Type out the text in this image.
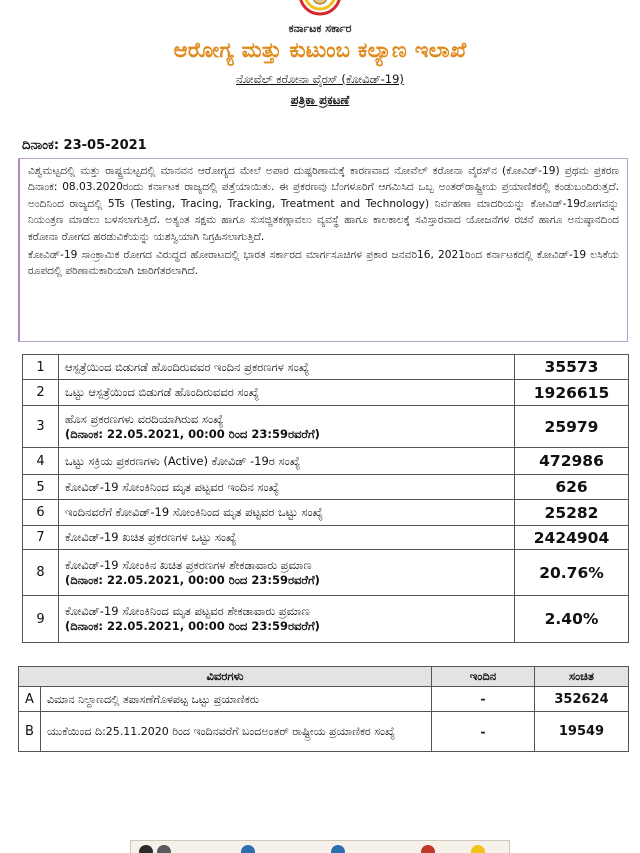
ಕರ್ನಾಟಕ ಸರ್ಕಾರ
ಆರೋಗ್ಯ ಮತ್ತು ಕುಟುಂಬ ಕಲ್ಯಾಣ ಇಲಾಖೆ
ನೋವೆಲ್ ಕರೋನಾ ವೈರಸ್ (ಕೋವಿಡ್-19)
ಪತ್ರಿಕಾ ಪ್ರಕಟಣೆ
ದಿನಾಂಕ: 23-05-2021

ವಿಶ್ವಮಟ್ಟದಲ್ಲಿ ಮತ್ತು ರಾಷ್ಟ್ರಮಟ್ಟದಲ್ಲಿ ಮಾನವನ ಆರೋಗ್ಯದ ಮೇಲೆ ಅಪಾರ ದುಷ್ಪರಿಣಾಮಕ್ಕೆ ಕಾರಣವಾದ ನೋವೆಲ್ ಕರೋನಾ ವೈರಸ್‌ನ (ಕೋವಿಡ್-19) ಪ್ರಥಮ ಪ್ರಕರಣ ದಿನಾಂಕ: 08.03.2020ರಂದು ಕರ್ನಾಟಕ ರಾಜ್ಯದಲ್ಲಿ ಪತ್ತೆಯಾಯಿತು. ಈ ಪ್ರಕರಣವು ಬೆಂಗಳೂರಿಗೆ ಆಗಮಿಸಿದ ಒಬ್ಬ ಅಂತರ್‌ರಾಷ್ಟ್ರೀಯ ಪ್ರಯಾಣಿಕರಲ್ಲಿ ಕಂಡುಬಂದಿರುತ್ತದೆ. ಅಂದಿನಿಂದ ರಾಜ್ಯದಲ್ಲಿ 5Ts (Testing, Tracing, Tracking, Treatment and Technology) ನಿರ್ವಹಣಾ ಮಾದರಿಯನ್ನು ಕೋವಿಡ್-19ರೋಗವನ್ನು ನಿಯಂತ್ರಣ ಮಾಡಲು ಬಳಸಲಾಗುತ್ತಿದೆ. ಅತ್ಯಂತ ಸಕ್ಷಮ ಹಾಗೂ ಸುಸಜ್ಜಿತಕಣ್ಗಾವಲು ವ್ಯವಸ್ಥೆ ಹಾಗೂ ಕಾಲಕಾಲಕ್ಕೆ ಸವಿಸ್ತಾರವಾದ ಯೋಜನೆಗಳ ರಚನೆ ಹಾಗೂ ಅನುಷ್ಠಾನದಿಂದ ಕರೋನಾ ರೋಗದ ಹರಡುವಿಕೆಯನ್ನು ಯಶಸ್ವಿಯಾಗಿ ನಿಗ್ರಹಿಸಲಾಗುತ್ತಿದೆ.

ಕೋವಿಡ್-19 ಸಾಂಕ್ರಾಮಿಕ ರೋಗದ ವಿರುದ್ಧದ ಹೋರಾಟದಲ್ಲಿ ಭಾರತ ಸರ್ಕಾರದ ಮಾರ್ಗಸೂಚಿಗಳ ಪ್ರಕಾರ ಜನವರಿ16, 2021ರಿಂದ ಕರ್ನಾಟಕದಲ್ಲಿ ಕೋವಿಡ್-19 ಲಸಿಕೆಯ ರೂಪದಲ್ಲಿ ಪರಿಣಾಮಕಾರಿಯಾಗಿ ಜಾರಿಗೆತರಲಾಗಿದೆ.

1	ಆಸ್ಪತ್ರೆಯಿಂದ ಬಿಡುಗಡೆ ಹೊಂದಿರುವವರ ಇಂದಿನ ಪ್ರಕರಣಗಳ ಸಂಖ್ಯೆ	35573
2	ಒಟ್ಟು ಆಸ್ಪತ್ರೆಯಿಂದ ಬಿಡುಗಡೆ ಹೊಂದಿರುವವರ ಸಂಖ್ಯೆ	1926615
3	ಹೊಸ ಪ್ರಕರಣಗಳು ವರದಿಯಾಗಿರುವ ಸಂಖ್ಯೆ
(ದಿನಾಂಕ: 22.05.2021, 00:00 ರಿಂದ 23:59ರವರೆಗೆ)	25979
4	ಒಟ್ಟು ಸಕ್ರಿಯ ಪ್ರಕರಣಗಳು (Active) ಕೋವಿಡ್ -19ರ ಸಂಖ್ಯೆ	472986
5	ಕೋವಿಡ್-19 ಸೋಂಕಿನಿಂದ ಮೃತ ಪಟ್ಟವರ ಇಂದಿನ ಸಂಖ್ಯೆ	626
6	ಇಂದಿನವರೆಗೆ ಕೋವಿಡ್-19 ಸೋಂಕಿನಿಂದ ಮೃತ ಪಟ್ಟವರ ಒಟ್ಟು ಸಂಖ್ಯೆ	25282
7	ಕೋವಿಡ್-19 ಖಚಿತ ಪ್ರಕರಣಗಳ ಒಟ್ಟು ಸಂಖ್ಯೆ	2424904
8	ಕೋವಿಡ್-19 ಸೋಂಕಿನ ಖಚಿತ ಪ್ರಕರಣಗಳ ಶೇಕಡಾವಾರು ಪ್ರಮಾಣ
(ದಿನಾಂಕ: 22.05.2021, 00:00 ರಿಂದ 23:59ರವರೆಗೆ)	20.76%
9	ಕೋವಿಡ್-19 ಸೋಂಕಿನಿಂದ ಮೃತ ಪಟ್ಟವರ ಶೇಕಡಾವಾರು ಪ್ರಮಾಣ
(ದಿನಾಂಕ: 22.05.2021, 00:00 ರಿಂದ 23:59ರವರೆಗೆ)	2.40%
ವಿವರಗಳು		ಇಂದಿನ	ಸಂಚಿತ
A	ವಿಮಾನ ನಿಲ್ದಾಣದಲ್ಲಿ ತಪಾಸಣೆಗೊಳಪಟ್ಟ ಒಟ್ಟು ಪ್ರಯಾಣಿಕರು	-	352624
B	ಯುಕೆಯಿಂದ ದಿ:25.11.2020 ರಿಂದ ಇಂದಿನವರೆಗೆ ಬಂದಅಂತರ್ ರಾಷ್ಟ್ರೀಯ ಪ್ರಯಾಣಿಕರ ಸಂಖ್ಯೆ	-	19549
